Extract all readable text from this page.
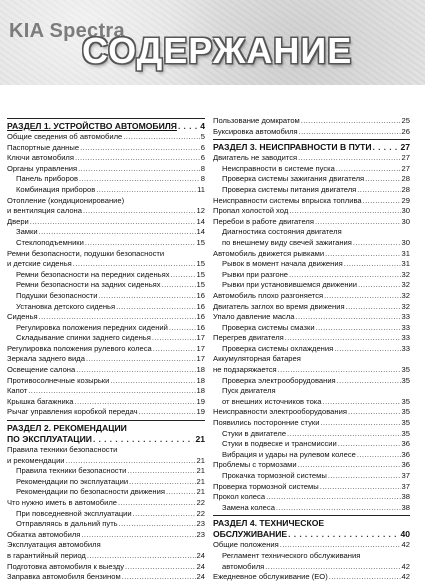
KIA Spectra
СОДЕРЖАНИЕ
РАЗДЕЛ 1. УСТРОЙСТВО АВТОМОБИЛЯ . . .	4
Общие сведения об автомобиле .....	5
Паспортные данные .....	6
Ключи автомобиля .....	6
Органы управления .....	8
Панель приборов .....	8
Комбинация приборов .....	11
Отопление (кондиционирование)
и вентиляция салона .....	12
Двери .....	14
Замки .....	14
Стеклоподъемники .....	15
Ремни безопасности, подушки безопасности
и детские сиденья .....	15
Ремни безопасности на передних сиденьях .....	15
Ремни безопасности на задних сиденьях .....	15
Подушки безопасности .....	16
Установка детского сиденья .....	16
Сиденья .....	16
Регулировка положения передних сидений .....	16
Складывание спинки заднего сиденья .....	17
Регулировка положения рулевого колеса .....	17
Зеркала заднего вида .....	17
Освещение салона .....	18
Противосолнечные козырьки .....	18
Капот .....	18
Крышка багажника .....	19
Рычаг управления коробкой передач .....	19
РАЗДЕЛ 2. РЕКОМЕНДАЦИИ
ПО ЭКСПЛУАТАЦИИ . . .	21
Правила техники безопасности
и рекомендации .....	21
Правила техники безопасности .....	21
Рекомендации по эксплуатации .....	21
Рекомендации по безопасности движения .....	21
Что нужно иметь в автомобиле .....	22
При повседневной эксплуатации .....	22
Отправляясь в дальний путь .....	23
Обкатка автомобиля .....	23
Эксплуатация автомобиля
в гарантийный период .....	24
Подготовка автомобиля к выезду .....	24
Заправка автомобиля бензином .....	24
Пользование домкратом .....	25
Буксировка автомобиля .....	26
РАЗДЕЛ 3. НЕИСПРАВНОСТИ В ПУТИ . . .	27
Двигатель не заводится .....	27
Неисправности в системе пуска .....	27
Проверка системы зажигания двигателя .....	28
Проверка системы питания двигателя .....	28
Неисправности системы впрыска топлива .....	29
Пропал холостой ход .....	30
Перебои в работе двигателя .....	30
Диагностика состояния двигателя
по внешнему виду свечей зажигания .....	30
Автомобиль движется рывками .....	31
Рывок в момент начала движения .....	31
Рывки при разгоне .....	32
Рывки при установившемся движении .....	32
Автомобиль плохо разгоняется .....	32
Двигатель заглох во время движения .....	32
Упало давление масла .....	33
Проверка системы смазки .....	33
Перегрев двигателя .....	33
Проверка системы охлаждения .....	33
Аккумуляторная батарея
не подзаряжается .....	35
Проверка электрооборудования .....	35
Пуск двигателя
от внешних источников тока .....	35
Неисправности электрооборудования .....	35
Появились посторонние стуки .....	35
Стуки в двигателе .....	35
Стуки в подвеске и трансмиссии .....	36
Вибрация и удары на рулевом колесе .....	36
Проблемы с тормозами .....	36
Прокачка тормозной системы .....	37
Проверка тормозной системы .....	37
Прокол колеса .....	38
Замена колеса .....	38
РАЗДЕЛ 4. ТЕХНИЧЕСКОЕ
ОБСЛУЖИВАНИЕ . . .	40
Общие положения .....	42
Регламент технического обслуживания
автомобиля .....	42
Ежедневное обслуживание (ЕО) .....	42
